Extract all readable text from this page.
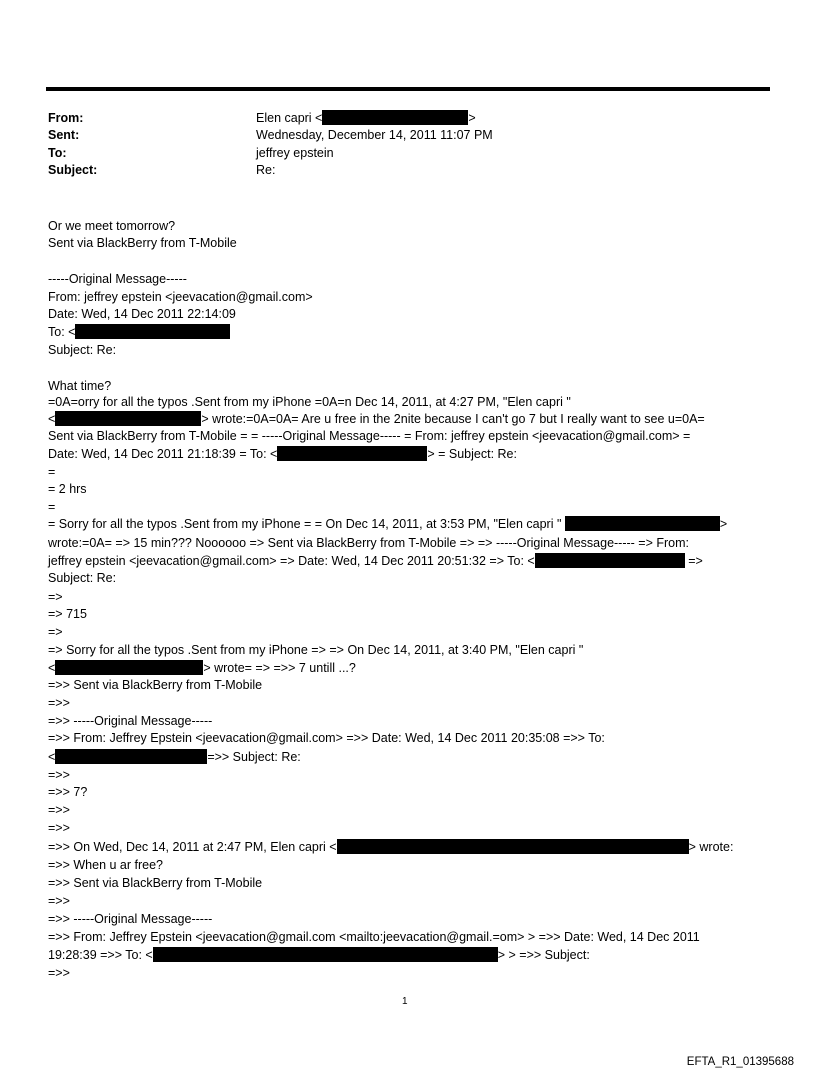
From:	Elen capri <	>
Sent:	Wednesday, December 14, 2011 11:07 PM
To:	jeffrey epstein
Subject:	Re:
Or we meet tomorrow?
Sent via BlackBerry from T-Mobile
-----Original Message-----
From: jeffrey epstein <jeevacation@gmail.com>
Date: Wed, 14 Dec 2011 22:14:09
To: <
Subject: Re:
What time?
=0A=orry for all the typos .Sent from my iPhone =0A=n Dec 14, 2011, at 4:27 PM, "Elen capri "
<	> wrote:=0A=0A= Are u free in the 2nite because I can't go 7 but I really want to see u=0A=
Sent via BlackBerry from T-Mobile = = -----Original Message----- = From: jeffrey epstein <jeevacation@gmail.com> =
Date: Wed, 14 Dec 2011 21:18:39 = To: <	> = Subject: Re:
=
= 2 hrs
=
= Sorry for all the typos .Sent from my iPhone = = On Dec 14, 2011, at 3:53 PM, "Elen capri "	>
wrote:=0A= => 15 min??? Noooooo => Sent via BlackBerry from T-Mobile => => -----Original Message----- => From:
jeffrey epstein <jeevacation@gmail.com> => Date: Wed, 14 Dec 2011 20:51:32 => To: <	=>
Subject: Re:
=>
=> 715
=>
=> Sorry for all the typos .Sent from my iPhone => => On Dec 14, 2011, at 3:40 PM, "Elen capri "
<	> wrote= => =>> 7 untill ...?
=>> Sent via BlackBerry from T-Mobile
=>>
=>> -----Original Message-----
=>> From: Jeffrey Epstein <jeevacation@gmail.com> =>> Date: Wed, 14 Dec 2011 20:35:08 =>> To:
<	=>> Subject: Re:
=>>
=>> 7?
=>>
=>>
=>> On Wed, Dec 14, 2011 at 2:47 PM, Elen capri <	> wrote:
=>> When u ar free?
=>> Sent via BlackBerry from T-Mobile
=>>
=>> -----Original Message-----
=>> From: Jeffrey Epstein <jeevacation@gmail.com <mailto:jeevacation@gmail.=om> > =>> Date: Wed, 14 Dec 2011
19:28:39 =>> To: <	> > =>> Subject:
=>>
1
EFTA_R1_01395688
